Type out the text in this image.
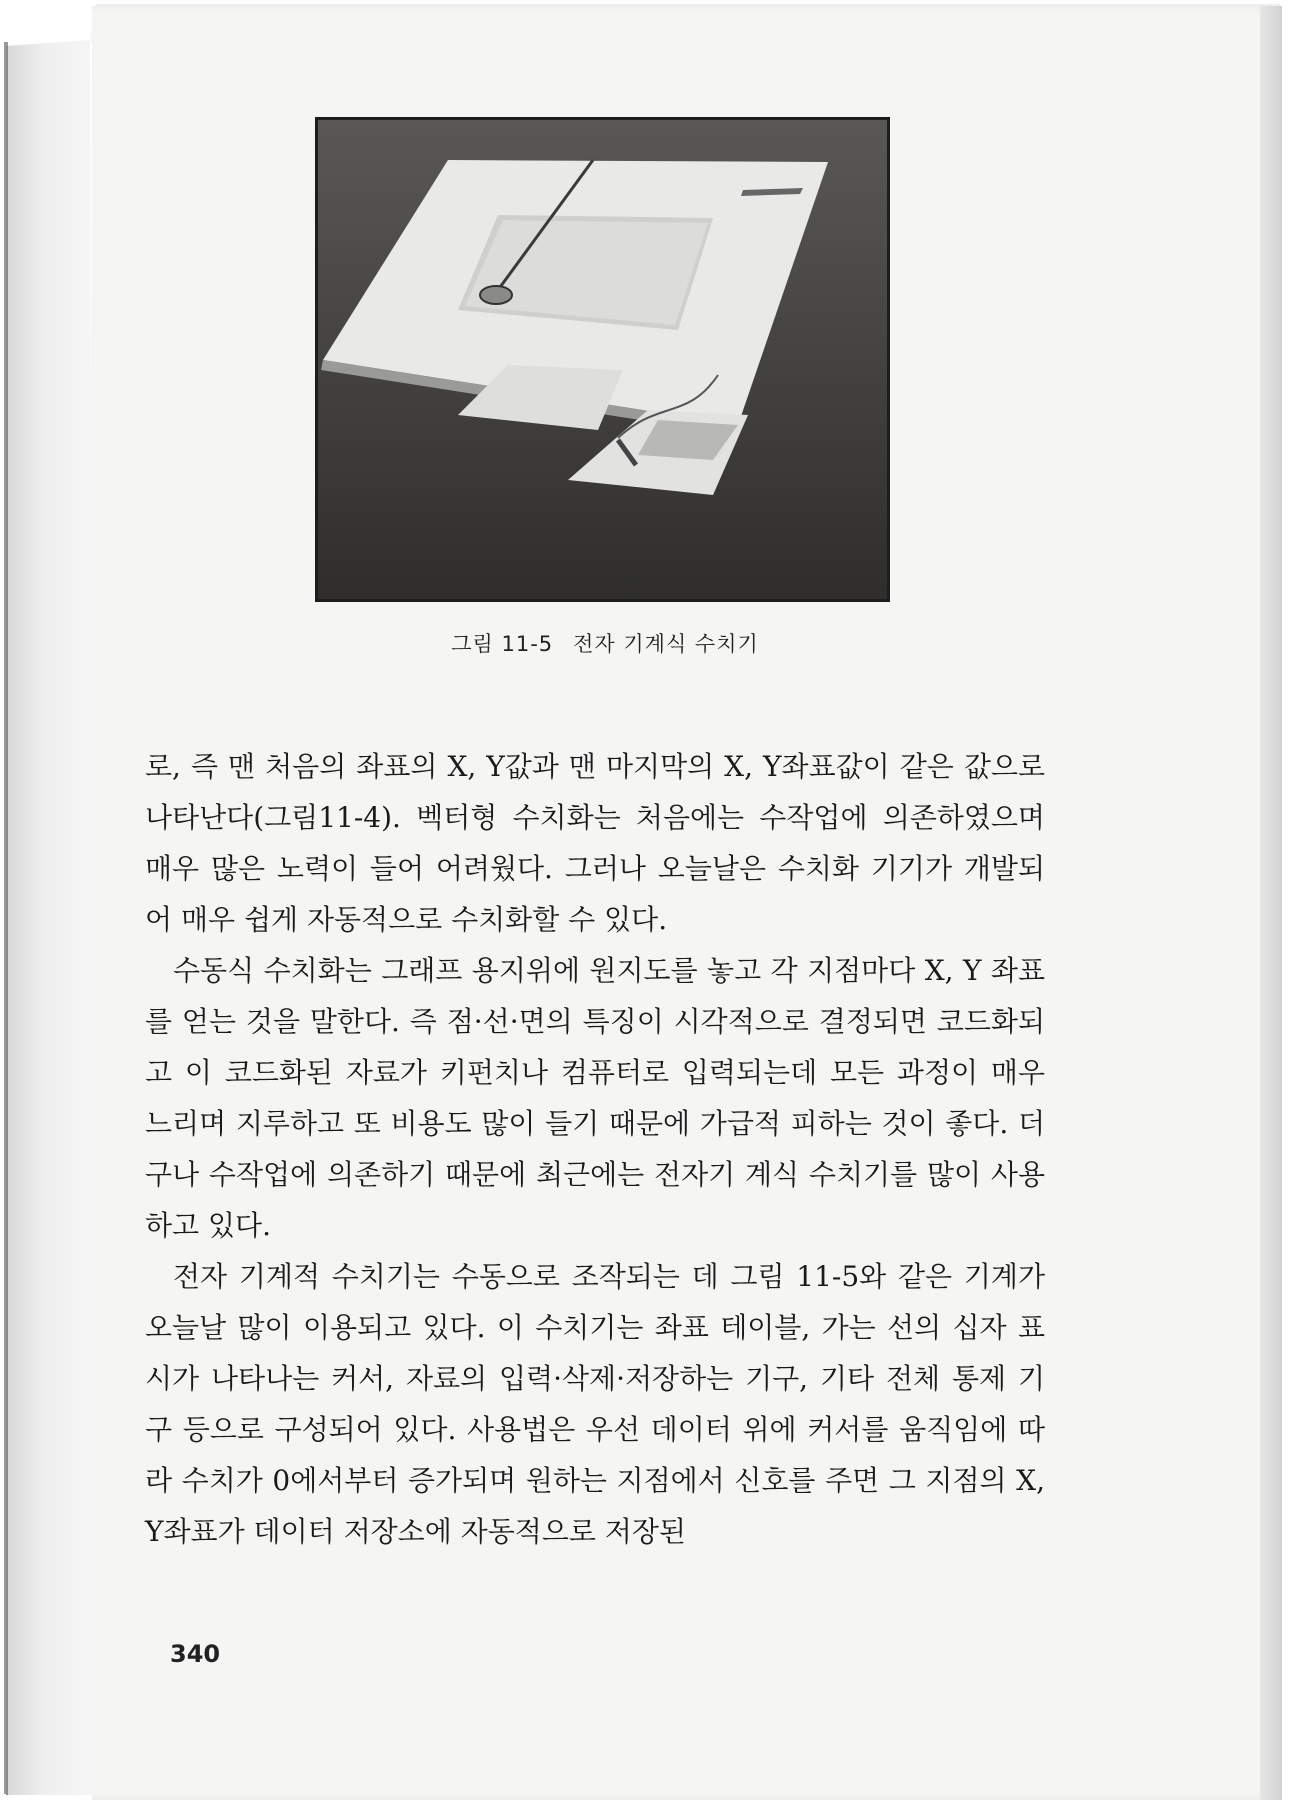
그림 11-5 전자 기계식 수치기

로, 즉 맨 처음의 좌표의 X, Y값과 맨 마지막의 X, Y좌표값이 같은 값으로 나타난다(그림11-4). 벡터형 수치화는 처음에는 수작업에 의존하였으며 매우 많은 노력이 들어 어려웠다. 그러나 오늘날은 수치화 기기가 개발되어 매우 쉽게 자동적으로 수치화할 수 있다.

수동식 수치화는 그래프 용지위에 원지도를 놓고 각 지점마다 X, Y 좌표를 얻는 것을 말한다. 즉 점·선·면의 특징이 시각적으로 결정되면 코드화되고 이 코드화된 자료가 키펀치나 컴퓨터로 입력되는데 모든 과정이 매우 느리며 지루하고 또 비용도 많이 들기 때문에 가급적 피하는 것이 좋다. 더구나 수작업에 의존하기 때문에 최근에는 전자기 계식 수치기를 많이 사용하고 있다.

전자 기계적 수치기는 수동으로 조작되는 데 그림 11-5와 같은 기계가 오늘날 많이 이용되고 있다. 이 수치기는 좌표 테이블, 가는 선의 십자 표시가 나타나는 커서, 자료의 입력·삭제·저장하는 기구, 기타 전체 통제 기구 등으로 구성되어 있다. 사용법은 우선 데이터 위에 커서를 움직임에 따라 수치가 0에서부터 증가되며 원하는 지점에서 신호를 주면 그 지점의 X, Y좌표가 데이터 저장소에 자동적으로 저장된

340
